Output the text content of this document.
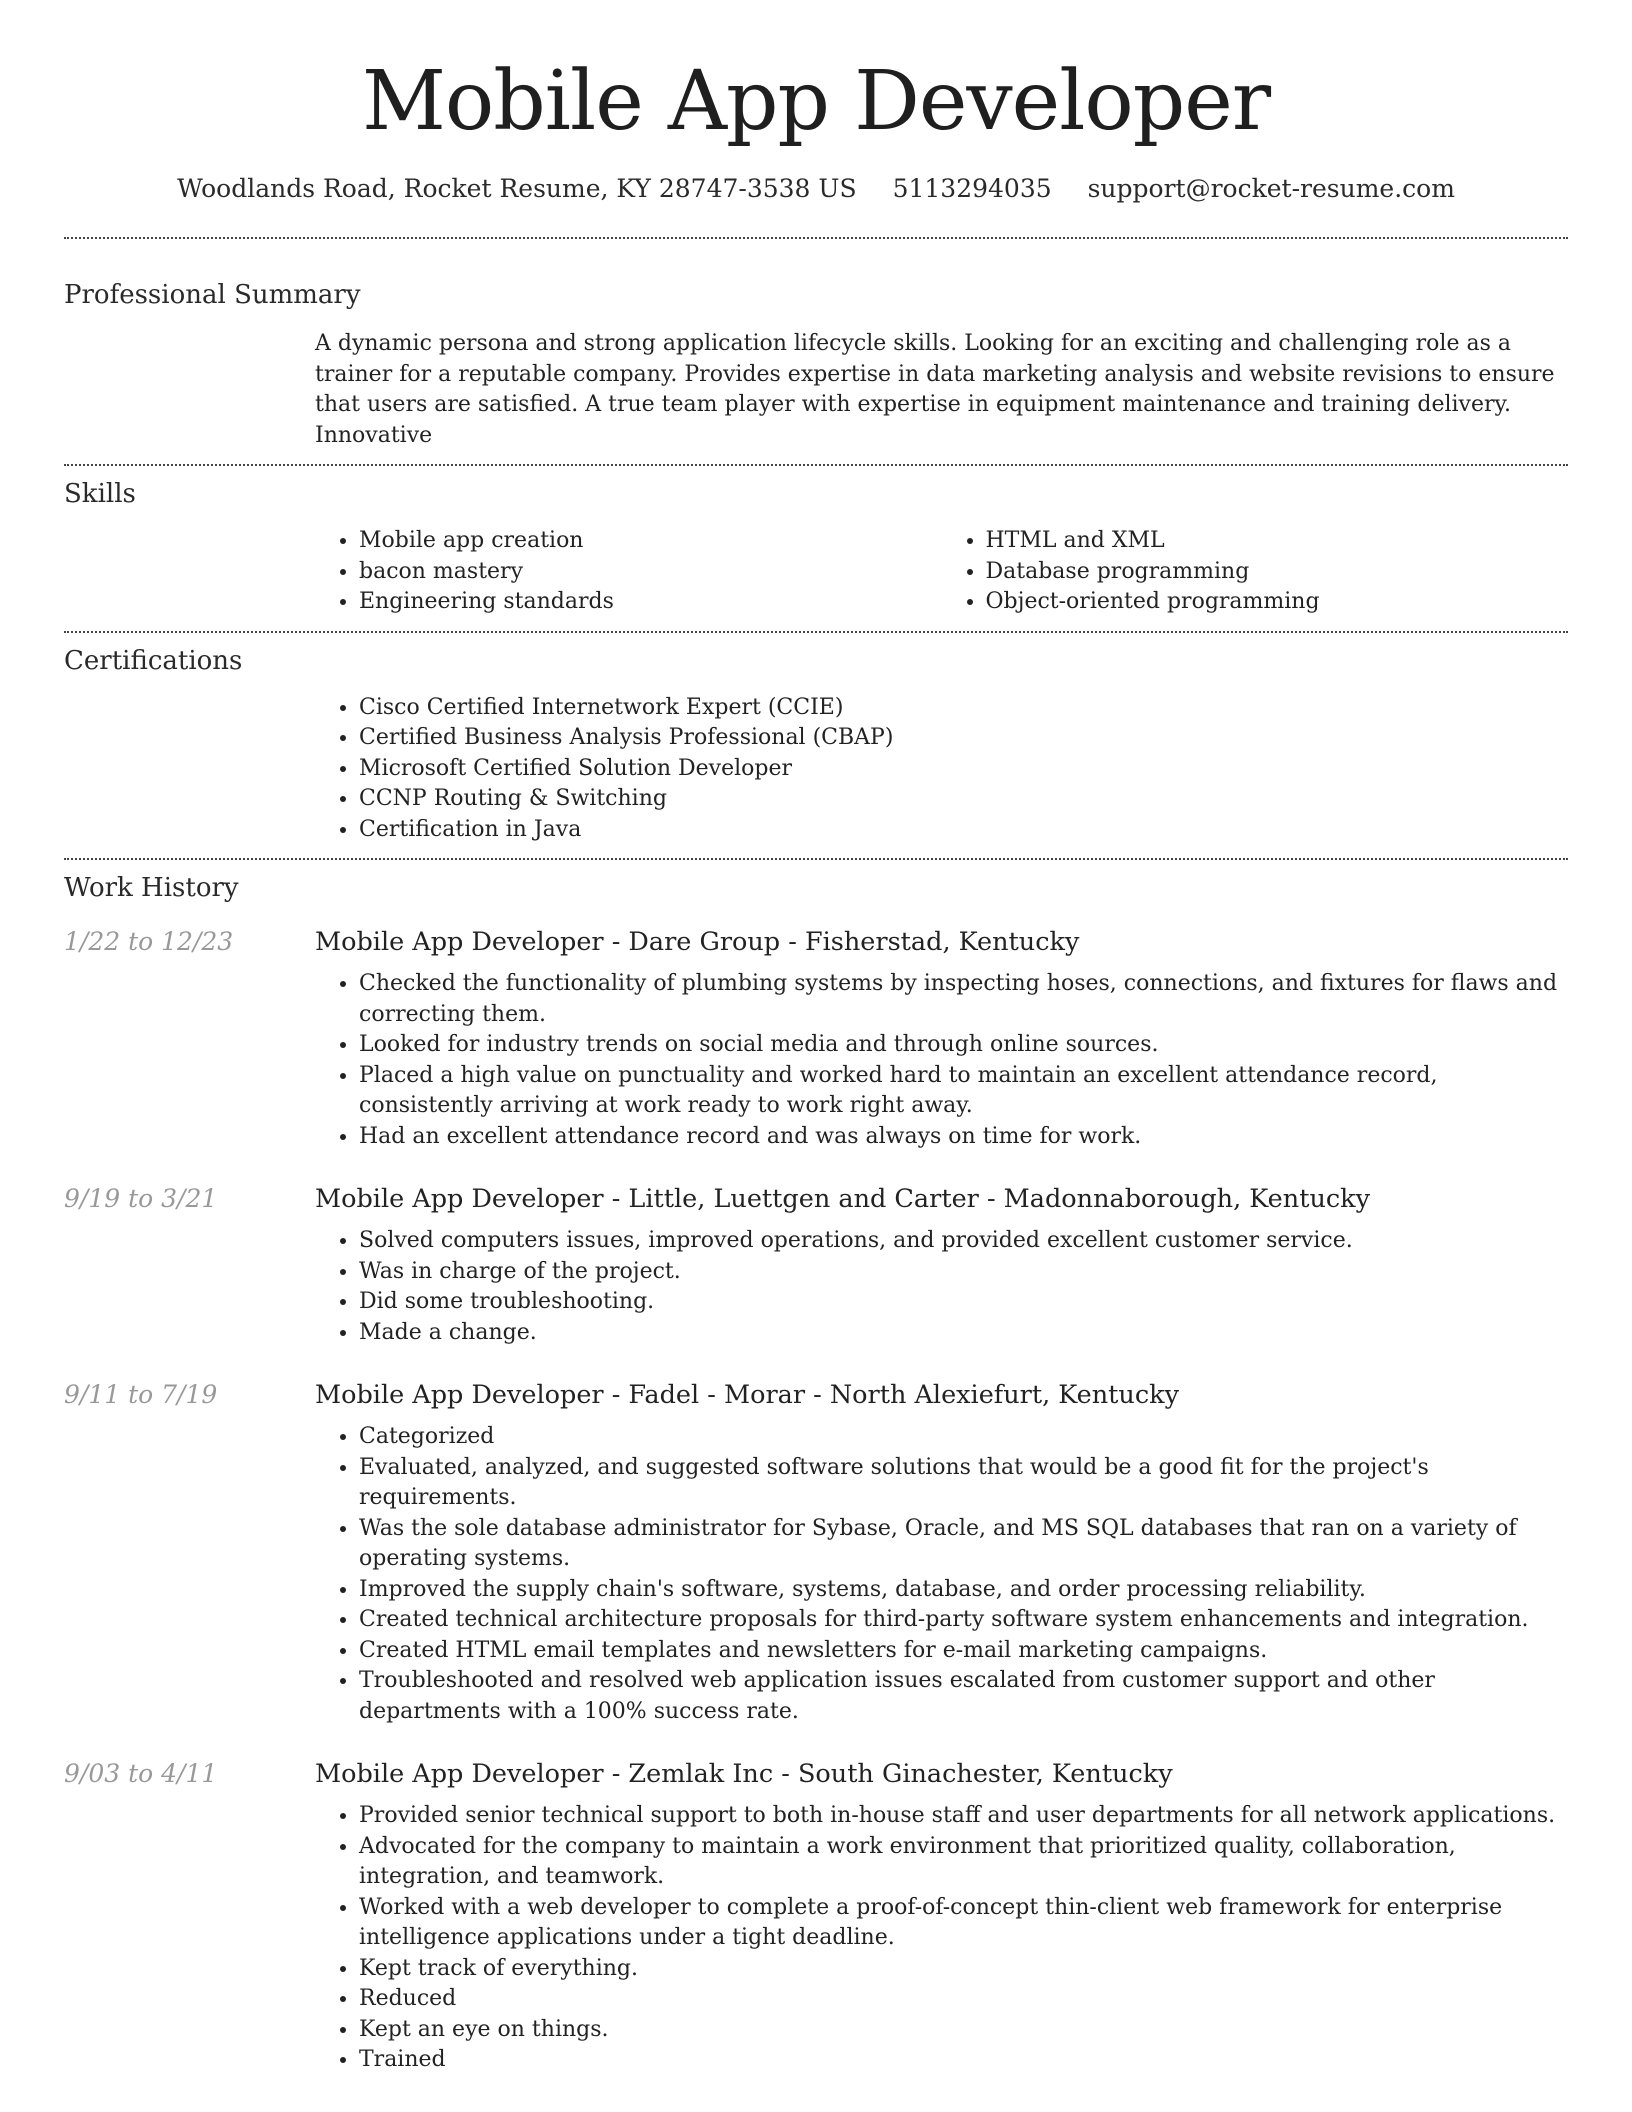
Mobile App Developer
Woodlands Road, Rocket Resume, KY 28747-3538 US 5113294035 support@rocket-resume.com
Professional Summary

A dynamic persona and strong application lifecycle skills. Looking for an exciting and challenging role as a trainer for a reputable company. Provides expertise in data marketing analysis and website revisions to ensure that users are satisfied. A true team player with expertise in equipment maintenance and training delivery. Innovative

Skills
• Mobile app creation
• bacon mastery
• Engineering standards
• HTML and XML
• Database programming
• Object-oriented programming
Certifications
• Cisco Certified Internetwork Expert (CCIE)
• Certified Business Analysis Professional (CBAP)
• Microsoft Certified Solution Developer
• CCNP Routing & Switching
• Certification in Java
Work History
1/22 to 12/23	Mobile App Developer - Dare Group - Fisherstad, Kentucky
• Checked the functionality of plumbing systems by inspecting hoses, connections, and fixtures for flaws and correcting them.
• Looked for industry trends on social media and through online sources.
• Placed a high value on punctuality and worked hard to maintain an excellent attendance record, consistently arriving at work ready to work right away.
• Had an excellent attendance record and was always on time for work.
9/19 to 3/21	Mobile App Developer - Little, Luettgen and Carter - Madonnaborough, Kentucky
• Solved computers issues, improved operations, and provided excellent customer service.
• Was in charge of the project.
• Did some troubleshooting.
• Made a change.
9/11 to 7/19	Mobile App Developer - Fadel - Morar - North Alexiefurt, Kentucky
• Categorized
• Evaluated, analyzed, and suggested software solutions that would be a good fit for the project's requirements.
• Was the sole database administrator for Sybase, Oracle, and MS SQL databases that ran on a variety of operating systems.
• Improved the supply chain's software, systems, database, and order processing reliability.
• Created technical architecture proposals for third-party software system enhancements and integration.
• Created HTML email templates and newsletters for e-mail marketing campaigns.
• Troubleshooted and resolved web application issues escalated from customer support and other departments with a 100% success rate.
9/03 to 4/11	Mobile App Developer - Zemlak Inc - South Ginachester, Kentucky
• Provided senior technical support to both in-house staff and user departments for all network applications.
• Advocated for the company to maintain a work environment that prioritized quality, collaboration, integration, and teamwork.
• Worked with a web developer to complete a proof-of-concept thin-client web framework for enterprise intelligence applications under a tight deadline.
• Kept track of everything.
• Reduced
• Kept an eye on things.
• Trained
